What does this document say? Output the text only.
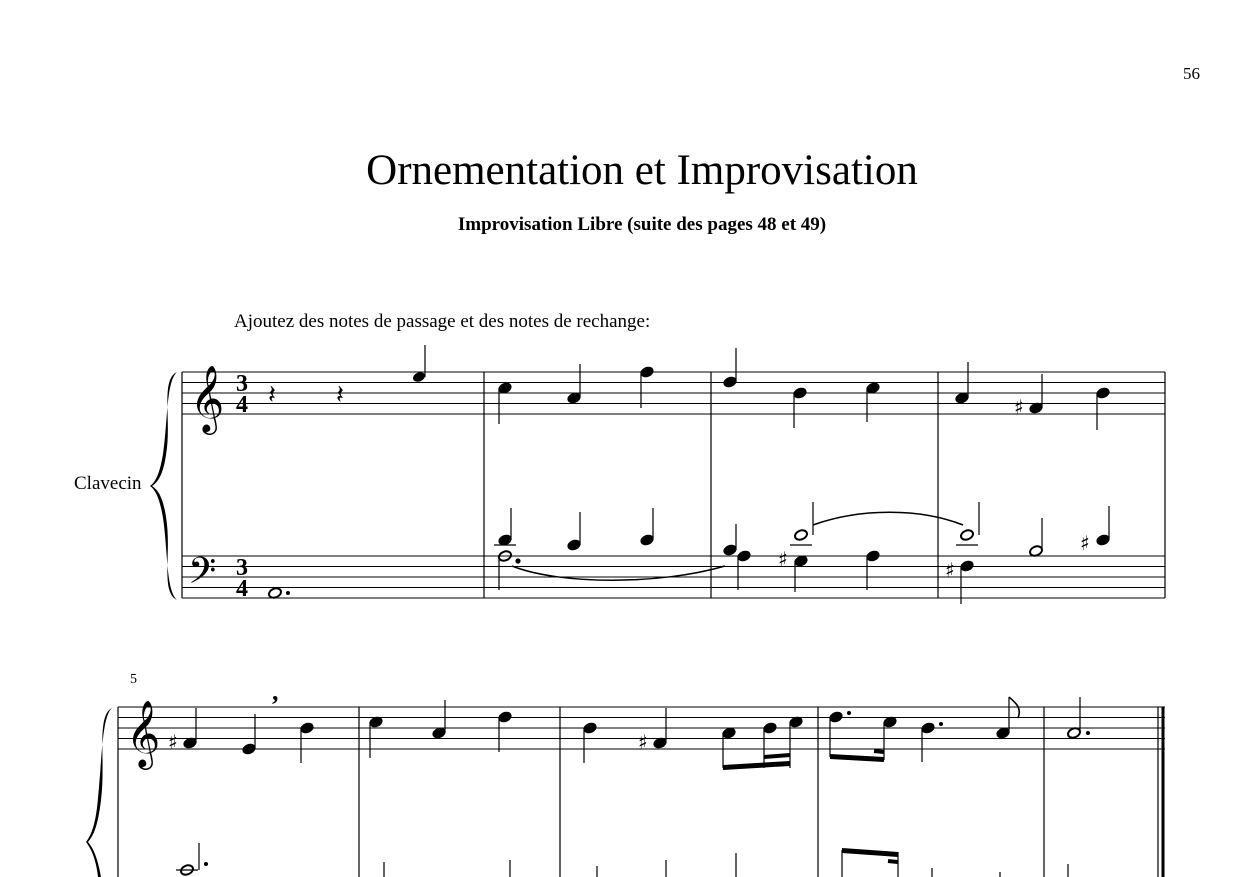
56
Ornementation et Improvisation
Improvisation Libre (suite des pages 48 et 49)
Ajoutez des notes de passage et des notes de rechange:
Clavecin
5
𝄞
𝄢
3
4
3
4
𝄽 𝄽
♯
♯
♯
♯
𝄞 ♯
,
♯
